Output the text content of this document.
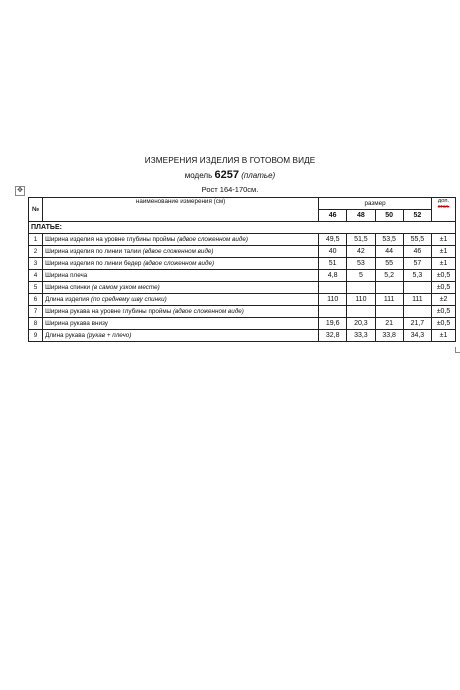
ИЗМЕРЕНИЯ ИЗДЕЛИЯ В ГОТОВОМ ВИДЕ
модель 6257 (платье)
Рост 164-170см.
✥
№	наименование измерения (см)	размер				доп.
откл.

		46	48	50	52	
ПЛАТЬЕ:						
1	Ширина изделия на уровне глубины проймы (вдвое сложенном виде)	49,5	51,5	53,5	55,5	±1
2	Ширина изделия по линии талии (вдвое сложенном виде)	40	42	44	46	±1
3	Ширина изделия по линии бедер (вдвое сложенном виде)	51	53	55	57	±1
4	Ширина плеча	4,8	5	5,2	5,3	±0,5
5	Ширина спинки (в самом узком месте)					±0,5
6	Длина изделия (по среднему шву спинки)	110	110	111	111	±2
7	Ширина рукава на уровне глубины проймы (вдвое сложенном виде)					±0,5
8	Ширина рукава внизу	19,6	20,3	21	21,7	±0,5
9	Длина рукава (рукав + плечо)	32,8	33,3	33,8	34,3	±1
